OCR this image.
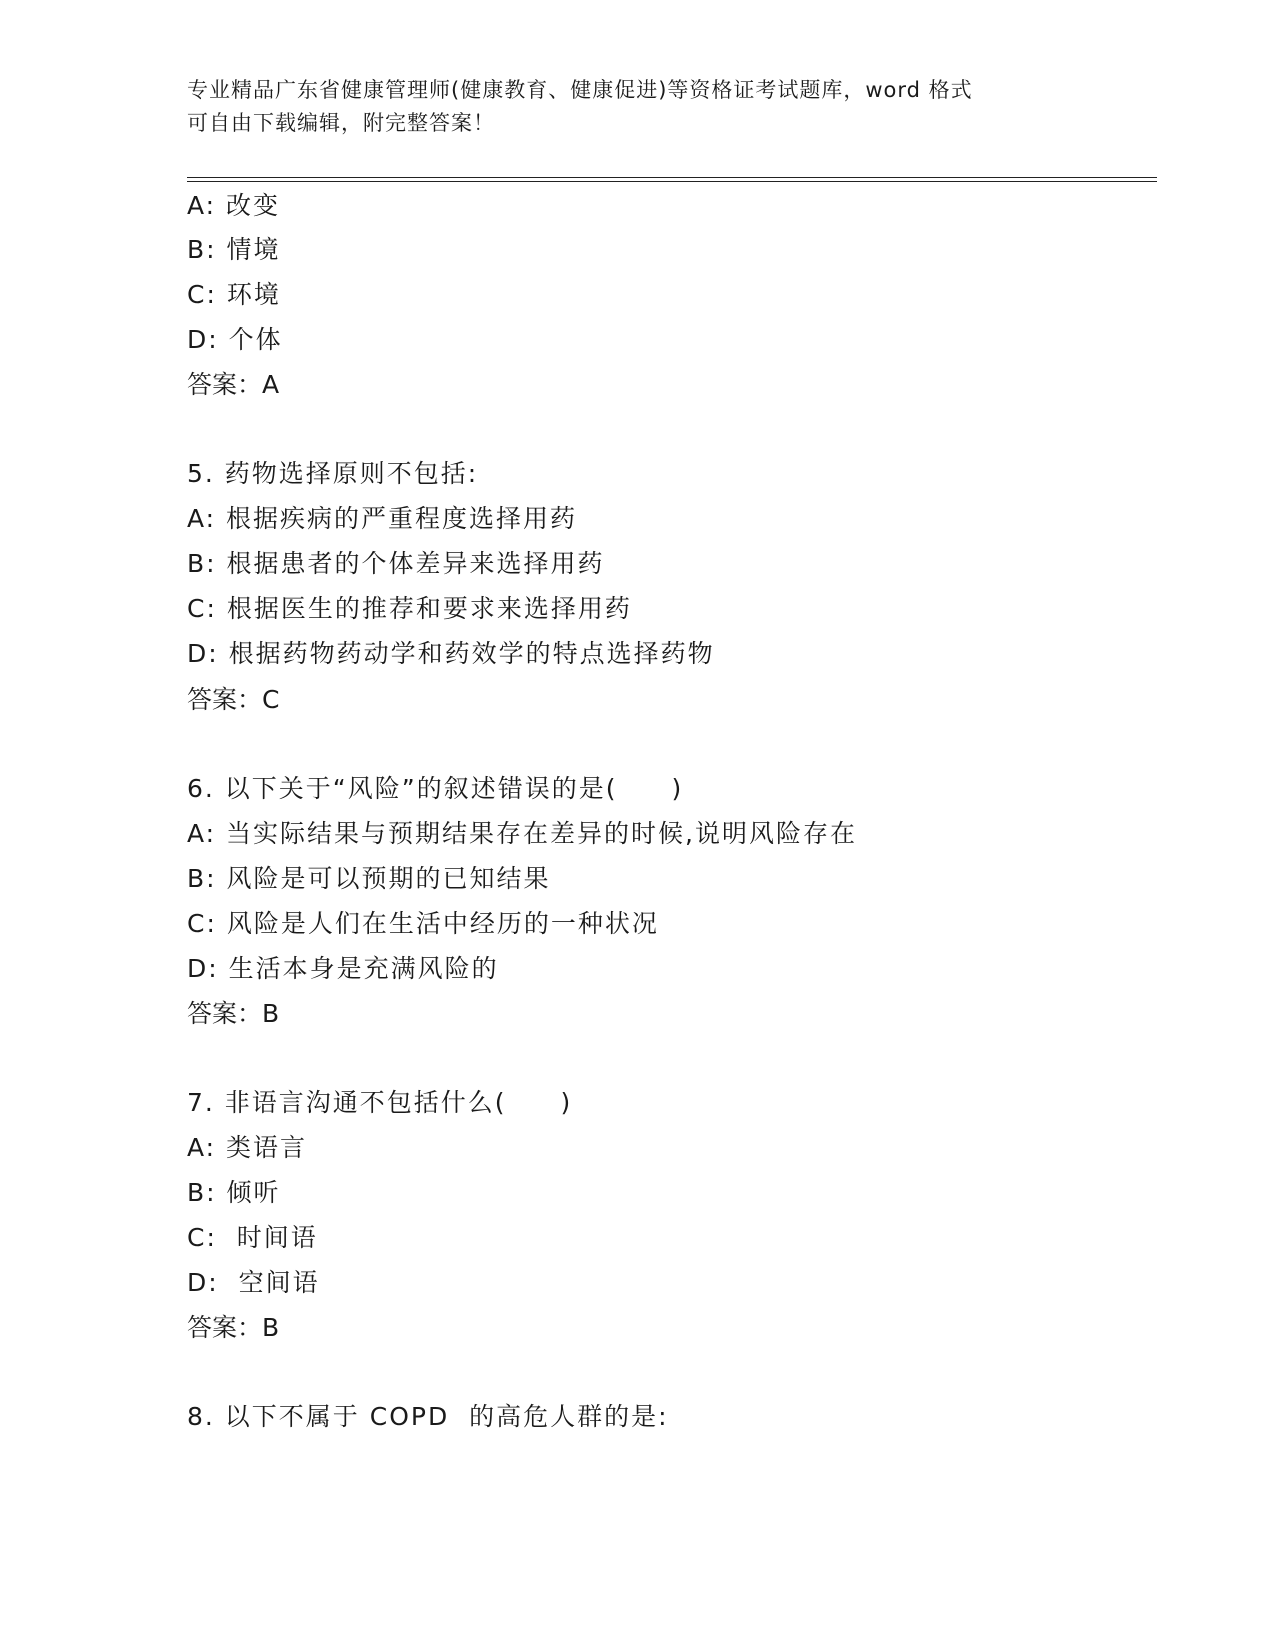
专业精品广东省健康管理师(健康教育、健康促进)等资格证考试题库，word 格式
可自由下载编辑，附完整答案！
A: 改变
B: 情境
C: 环境
D: 个体
答案：A
5. 药物选择原则不包括:
A: 根据疾病的严重程度选择用药
B: 根据患者的个体差异来选择用药
C: 根据医生的推荐和要求来选择用药
D: 根据药物药动学和药效学的特点选择药物
答案：C
6. 以下关于“风险”的叙述错误的是(　　)
A: 当实际结果与预期结果存在差异的时候,说明风险存在
B: 风险是可以预期的已知结果
C: 风险是人们在生活中经历的一种状况
D: 生活本身是充满风险的
答案：B
7. 非语言沟通不包括什么(　　)
A: 类语言
B: 倾听
C:  时间语
D:  空间语
答案：B
8. 以下不属于 COPD  的高危人群的是:
